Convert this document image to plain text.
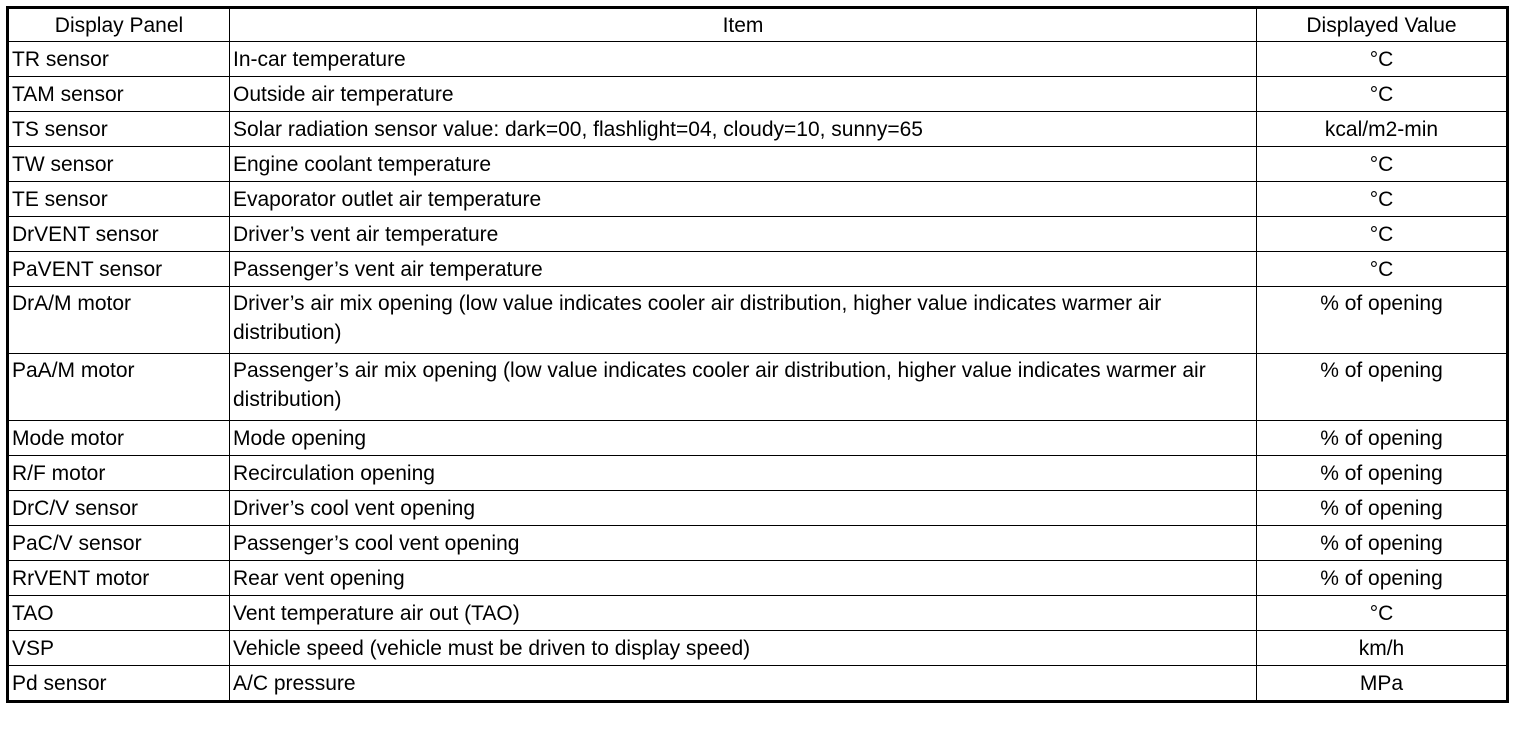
Display Panel	Item	Displayed Value
TR sensor	In-car temperature	°C
TAM sensor	Outside air temperature	°C
TS sensor	Solar radiation sensor value: dark=00, flashlight=04, cloudy=10, sunny=65	kcal/m2-min
TW sensor	Engine coolant temperature	°C
TE sensor	Evaporator outlet air temperature	°C
DrVENT sensor	Driver’s vent air temperature	°C
PaVENT sensor	Passenger’s vent air temperature	°C
DrA/M motor	Driver’s air mix opening (low value indicates cooler air distribution, higher value indicates warmer air distribution)	% of opening
PaA/M motor	Passenger’s air mix opening (low value indicates cooler air distribution, higher value indicates warmer air distribution)	% of opening
Mode motor	Mode opening	% of opening
R/F motor	Recirculation opening	% of opening
DrC/V sensor	Driver’s cool vent opening	% of opening
PaC/V sensor	Passenger’s cool vent opening	% of opening
RrVENT motor	Rear vent opening	% of opening
TAO	Vent temperature air out (TAO)	°C
VSP	Vehicle speed (vehicle must be driven to display speed)	km/h
Pd sensor	A/C pressure	MPa
